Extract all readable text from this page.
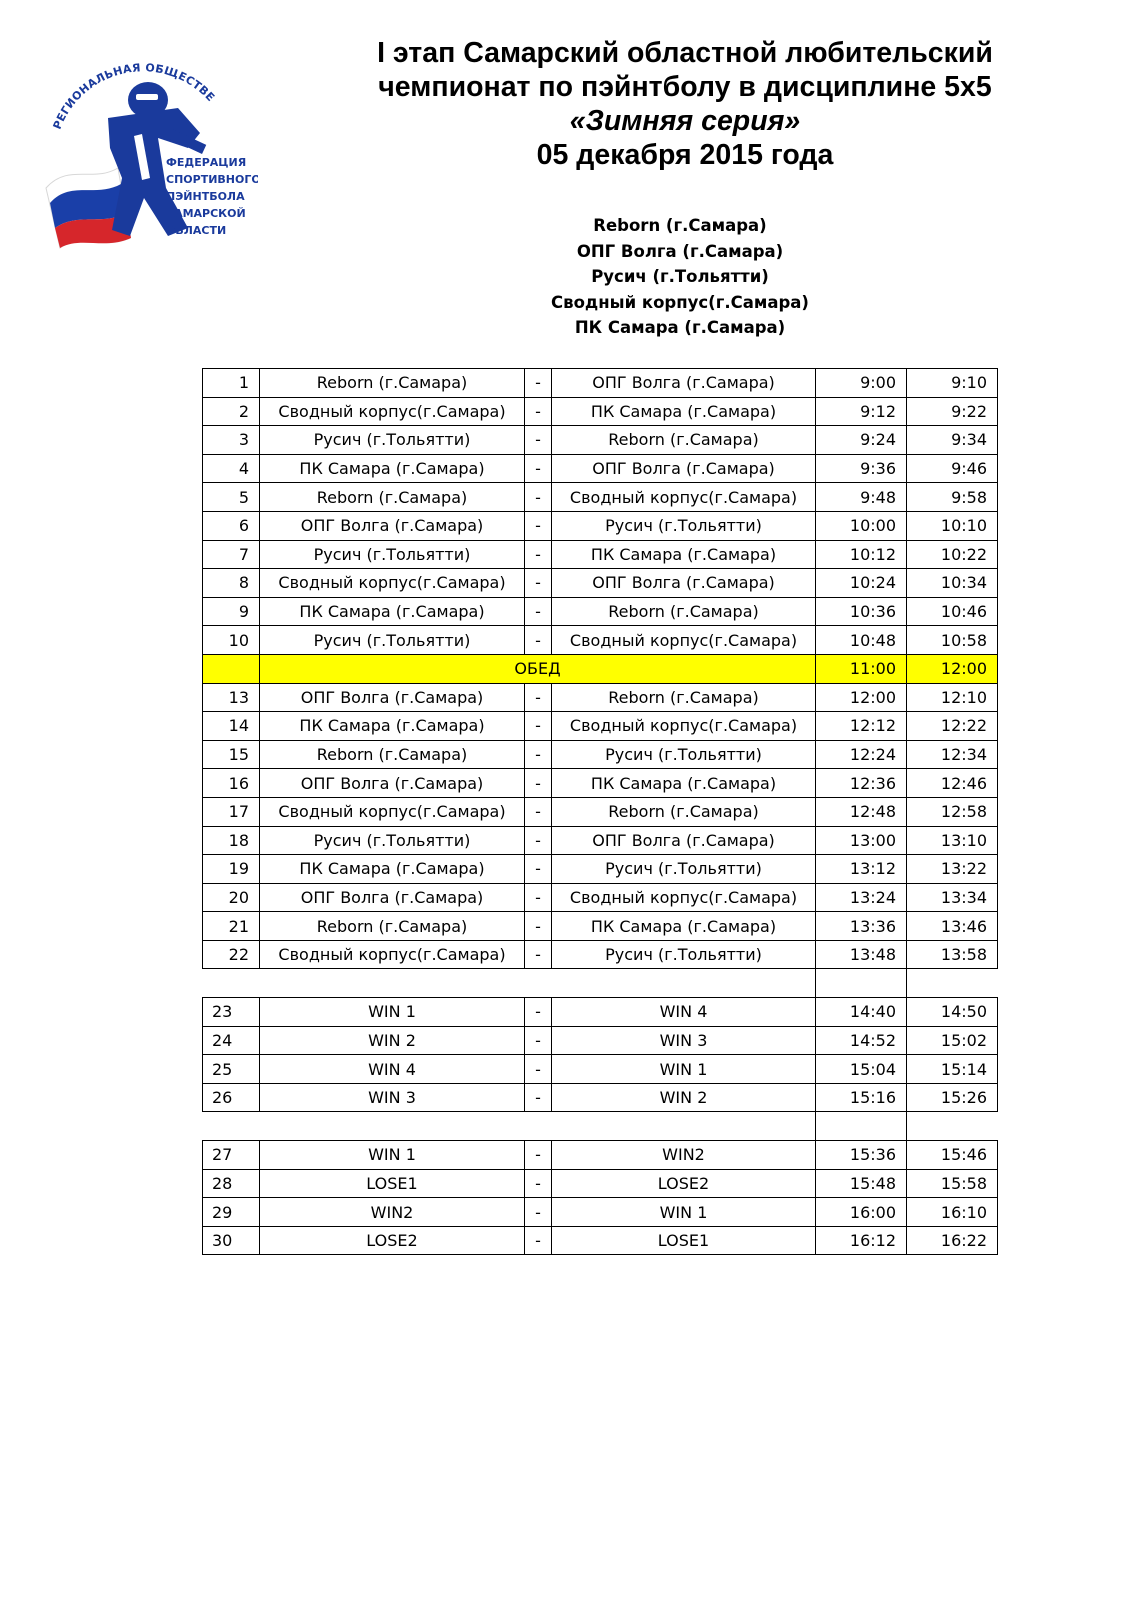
РЕГИОНАЛЬНАЯ ОБЩЕСТВЕ
ФЕДЕРАЦИЯ
СПОРТИВНОГО
ПЭЙНТБОЛА
САМАРСКОЙ
ОБЛАСТИ
I этап Самарский областной любительский
чемпионат по пэйнтболу в дисциплине 5х5
«Зимняя серия»
05 декабря 2015 года
Reborn (г.Самара)
ОПГ Волга (г.Самара)
Русич (г.Тольятти)
Сводный корпус(г.Самара)
ПК Самара (г.Самара)
1	Reborn (г.Самара)	-	ОПГ Волга (г.Самара)	9:00	9:10
2	Сводный корпус(г.Самара)	-	ПК Самара (г.Самара)	9:12	9:22
3	Русич (г.Тольятти)	-	Reborn (г.Самара)	9:24	9:34
4	ПК Самара (г.Самара)	-	ОПГ Волга (г.Самара)	9:36	9:46
5	Reborn (г.Самара)	-	Сводный корпус(г.Самара)	9:48	9:58
6	ОПГ Волга (г.Самара)	-	Русич (г.Тольятти)	10:00	10:10
7	Русич (г.Тольятти)	-	ПК Самара (г.Самара)	10:12	10:22
8	Сводный корпус(г.Самара)	-	ОПГ Волга (г.Самара)	10:24	10:34
9	ПК Самара (г.Самара)	-	Reborn (г.Самара)	10:36	10:46
10	Русич (г.Тольятти)	-	Сводный корпус(г.Самара)	10:48	10:58
	ОБЕД			11:00	12:00
13	ОПГ Волга (г.Самара)	-	Reborn (г.Самара)	12:00	12:10
14	ПК Самара (г.Самара)	-	Сводный корпус(г.Самара)	12:12	12:22
15	Reborn (г.Самара)	-	Русич (г.Тольятти)	12:24	12:34
16	ОПГ Волга (г.Самара)	-	ПК Самара (г.Самара)	12:36	12:46
17	Сводный корпус(г.Самара)	-	Reborn (г.Самара)	12:48	12:58
18	Русич (г.Тольятти)	-	ОПГ Волга (г.Самара)	13:00	13:10
19	ПК Самара (г.Самара)	-	Русич (г.Тольятти)	13:12	13:22
20	ОПГ Волга (г.Самара)	-	Сводный корпус(г.Самара)	13:24	13:34
21	Reborn (г.Самара)	-	ПК Самара (г.Самара)	13:36	13:46
22	Сводный корпус(г.Самара)	-	Русич (г.Тольятти)	13:48	13:58

23	WIN 1	-	WIN 4	14:40	14:50
24	WIN 2	-	WIN 3	14:52	15:02
25	WIN 4	-	WIN 1	15:04	15:14
26	WIN 3	-	WIN 2	15:16	15:26

27	WIN 1	-	WIN2	15:36	15:46
28	LOSE1	-	LOSE2	15:48	15:58
29	WIN2	-	WIN 1	16:00	16:10
30	LOSE2	-	LOSE1	16:12	16:22
